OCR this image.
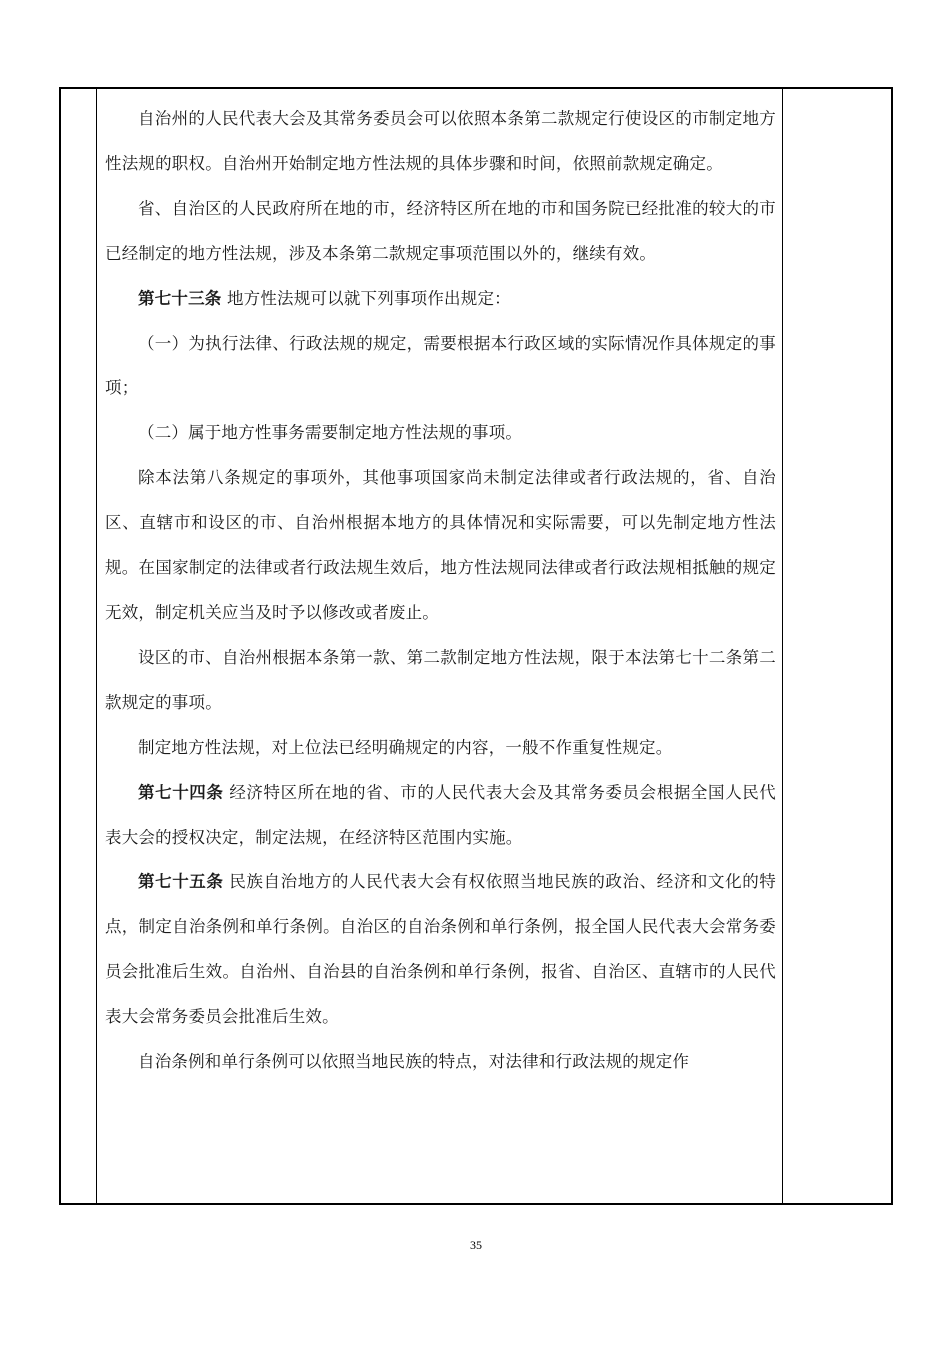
自治州的人民代表大会及其常务委员会可以依照本条第二款规定行使设区的市制定地方性法规的职权。自治州开始制定地方性法规的具体步骤和时间，依照前款规定确定。

省、自治区的人民政府所在地的市，经济特区所在地的市和国务院已经批准的较大的市已经制定的地方性法规，涉及本条第二款规定事项范围以外的，继续有效。

第七十三条 地方性法规可以就下列事项作出规定：

（一）为执行法律、行政法规的规定，需要根据本行政区域的实际情况作具体规定的事项；

（二）属于地方性事务需要制定地方性法规的事项。

除本法第八条规定的事项外，其他事项国家尚未制定法律或者行政法规的，省、自治区、直辖市和设区的市、自治州根据本地方的具体情况和实际需要，可以先制定地方性法规。在国家制定的法律或者行政法规生效后，地方性法规同法律或者行政法规相抵触的规定无效，制定机关应当及时予以修改或者废止。

设区的市、自治州根据本条第一款、第二款制定地方性法规，限于本法第七十二条第二款规定的事项。

制定地方性法规，对上位法已经明确规定的内容，一般不作重复性规定。

第七十四条 经济特区所在地的省、市的人民代表大会及其常务委员会根据全国人民代表大会的授权决定，制定法规，在经济特区范围内实施。

第七十五条 民族自治地方的人民代表大会有权依照当地民族的政治、经济和文化的特点，制定自治条例和单行条例。自治区的自治条例和单行条例，报全国人民代表大会常务委员会批准后生效。自治州、自治县的自治条例和单行条例，报省、自治区、直辖市的人民代表大会常务委员会批准后生效。

自治条例和单行条例可以依照当地民族的特点，对法律和行政法规的规定作

35
